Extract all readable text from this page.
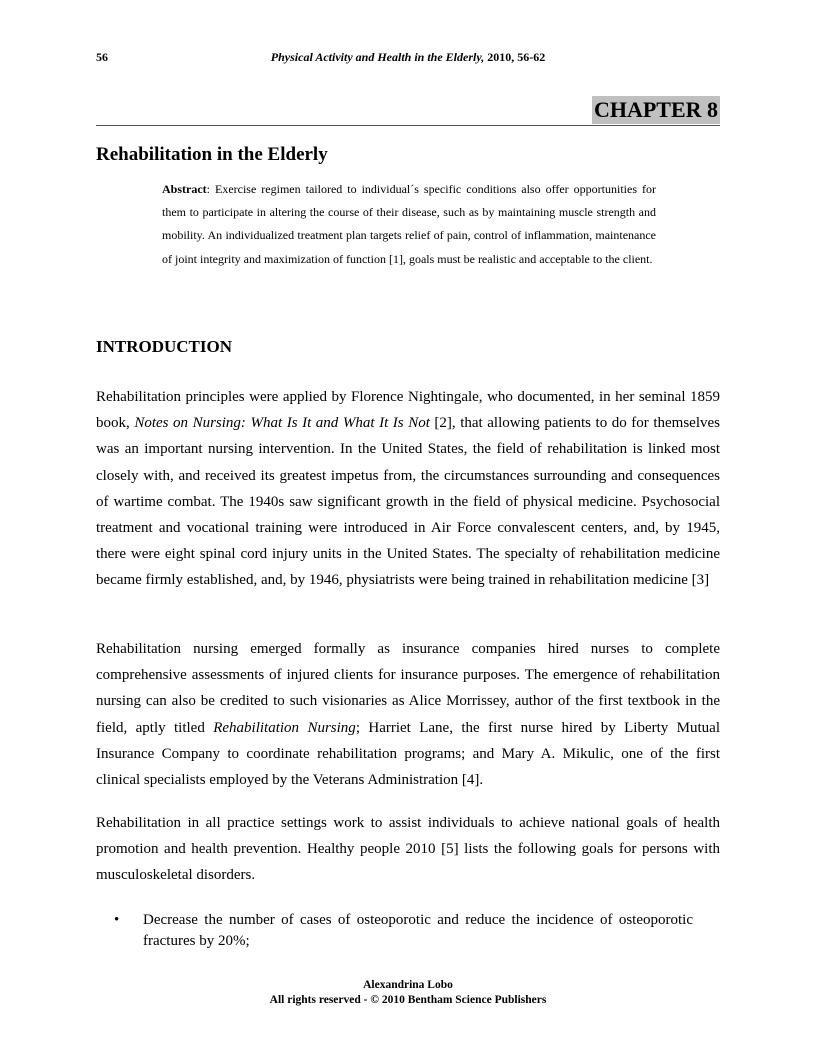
56	Physical Activity and Health in the Elderly, 2010, 56-62
CHAPTER 8
Rehabilitation in the Elderly
Abstract: Exercise regimen tailored to individual´s specific conditions also offer opportunities for them to participate in altering the course of their disease, such as by maintaining muscle strength and mobility. An individualized treatment plan targets relief of pain, control of inflammation, maintenance of joint integrity and maximization of function [1], goals must be realistic and acceptable to the client.
INTRODUCTION
Rehabilitation principles were applied by Florence Nightingale, who documented, in her seminal 1859 book, Notes on Nursing: What Is It and What It Is Not [2], that allowing patients to do for themselves was an important nursing intervention. In the United States, the field of rehabilitation is linked most closely with, and received its greatest impetus from, the circumstances surrounding and consequences of wartime combat. The 1940s saw significant growth in the field of physical medicine. Psychosocial treatment and vocational training were introduced in Air Force convalescent centers, and, by 1945, there were eight spinal cord injury units in the United States. The specialty of rehabilitation medicine became firmly established, and, by 1946, physiatrists were being trained in rehabilitation medicine [3]
Rehabilitation nursing emerged formally as insurance companies hired nurses to complete comprehensive assessments of injured clients for insurance purposes. The emergence of rehabilitation nursing can also be credited to such visionaries as Alice Morrissey, author of the first textbook in the field, aptly titled Rehabilitation Nursing; Harriet Lane, the first nurse hired by Liberty Mutual Insurance Company to coordinate rehabilitation programs; and Mary A. Mikulic, one of the first clinical specialists employed by the Veterans Administration [4].
Rehabilitation in all practice settings work to assist individuals to achieve national goals of health promotion and health prevention. Healthy people 2010 [5] lists the following goals for persons with musculoskeletal disorders.
• Decrease the number of cases of osteoporotic and reduce the incidence of osteoporotic fractures by 20%;
Alexandrina Lobo
All rights reserved - © 2010 Bentham Science Publishers
